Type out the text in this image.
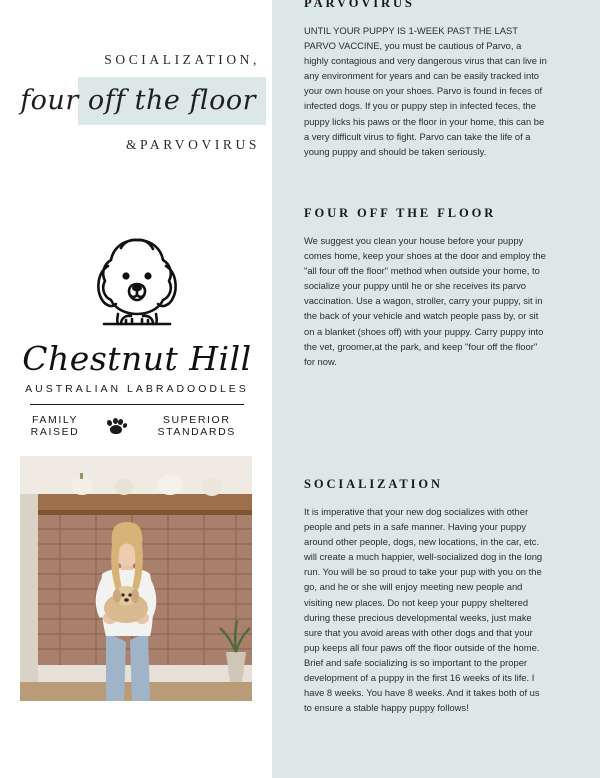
SOCIALIZATION,
four off the floor
&PARVOVIRUS
Chestnut Hill
AUSTRALIAN LABRADOODLES
FAMILY RAISED
SUPERIOR STANDARDS
PARVOVIRUS

UNTIL YOUR PUPPY IS 1-WEEK PAST THE LAST PARVO VACCINE, you must be cautious of Parvo, a highly contagious and very dangerous virus that can live in any environment for years and can be easily tracked into your own house on your shoes. Parvo is found in feces of infected dogs. If you or puppy step in infected feces, the puppy licks his paws or the floor in your home, this can be a very difficult virus to fight. Parvo can take the life of a young puppy and should be taken seriously.

FOUR OFF THE FLOOR

We suggest you clean your house before your puppy comes home, keep your shoes at the door and employ the "all four off the floor" method when outside your home, to socialize your puppy until he or she receives its parvo vaccination. Use a wagon, stroller, carry your puppy, sit in the back of your vehicle and watch people pass by, or sit on a blanket (shoes off) with your puppy. Carry puppy into the vet, groomer,at the park, and keep "four off the floor" for now.

SOCIALIZATION

It is imperative that your new dog socializes with other people and pets in a safe manner. Having your puppy around other people, dogs, new locations, in the car, etc. will create a much happier, well-socialized dog in the long run. You will be so proud to take your pup with you on the go, and he or she will enjoy meeting new people and visiting new places. Do not keep your puppy sheltered during these precious developmental weeks, just make sure that you avoid areas with other dogs and that your pup keeps all four paws off the floor outside of the home. Brief and safe socializing is so important to the proper development of a puppy in the first 16 weeks of its life. I have 8 weeks. You have 8 weeks. And it takes both of us to ensure a stable happy puppy follows!
